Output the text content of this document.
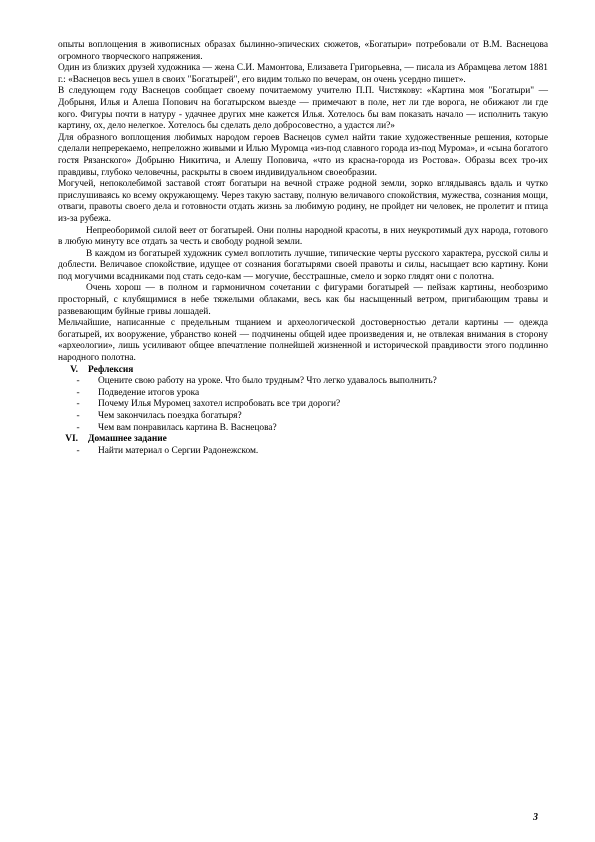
опыты воплощения в живописных образах былинно-эпических сюжетов, «Богатыри» потребовали от В.М. Васнецова огромного творческого напряжения.

Один из близких друзей художника — жена С.И. Мамонтова, Елизавета Григорьевна, — писала из Абрамцева летом 1881 г.: «Васнецов весь ушел в своих "Богатырей", его видим только по вечерам, он очень усердно пишет».

В следующем году Васнецов сообщает своему почитаемому учителю П.П. Чистякову: «Картина моя "Богатыри" — Добрыня, Илья и Алеша Попович на богатырском выезде — примечают в поле, нет ли где ворога, не обижают ли где кого. Фигуры почти в натуру - удачнее других мне кажется Илья. Хотелось бы вам показать начало — исполнить такую картину, ох, дело нелегкое. Хотелось бы сделать дело добросовестно, а удастся ли?»

Для образного воплощения любимых народом героев Васнецов сумел найти такие художественные решения, которые сделали непререкаемо, непреложно живыми и Илью Муромца «из-под славного города из-под Мурома», и «сына богатого гостя Рязанского» Добрыню Никитича, и Алешу Поповича, «что из красна-города из Ростова». Образы всех трo-их правдивы, глубоко человечны, раскрыты в своем индивидуальном своеобразии.

Могучей, непоколебимой заставой стоят богатыри на вечной страже родной земли, зорко вглядываясь вдаль и чутко прислушиваясь ко всему окружающему. Через такую заставу, полную величавого спокойствия, мужества, сознания мощи, отваги, правоты своего дела и готовности отдать жизнь за любимую родину, не пройдет ни человек, не пролетит и птица из-за рубежа.

Непреоборимой силой веет от богатырей. Они полны народной красоты, в них неукротимый дух народа, готового в любую минуту все отдать за честь и свободу родной земли.

В каждом из богатырей художник сумел воплотить лучшие, типические черты русского характера, русской силы и доблести. Величавое спокойствие, идущее от сознания богатырями своей правоты и силы, насыщает всю картину. Кони под могучими всадниками под стать седо-кам — могучие, бесстрашные, смело и зорко глядят они с полотна.

Очень хорош — в полном и гармоничном сочетании с фигурами богатырей — пейзаж картины, необозримо просторный, с клубящимися в небе тяжелыми облаками, весь как бы насыщенный ветром, пригибающим травы и развевающим буйные гривы лошадей.

Мельчайшие, написанные с предельным тщанием и археологической достоверностью детали картины — одежда богатырей, их вооружение, убранство коней — подчинены общей идее произведения и, не отвлекая внимания в сторону «археологии», лишь усиливают общее впечатление полнейшей жизненной и исторической правдивости этого подлинно народного полотна.

V.	Рефлексия
-	Оцените свою работу на уроке. Что было трудным? Что легко удавалось выполнить?
-	Подведение итогов урока
-	Почему Илья Муромец захотел испробовать все три дороги?
-	Чем закончилась поездка богатыря?
-	Чем вам понравилась картина В. Васнецова?
VI.	Домашнее задание
-	Найти материал о Сергии Радонежском.
3
